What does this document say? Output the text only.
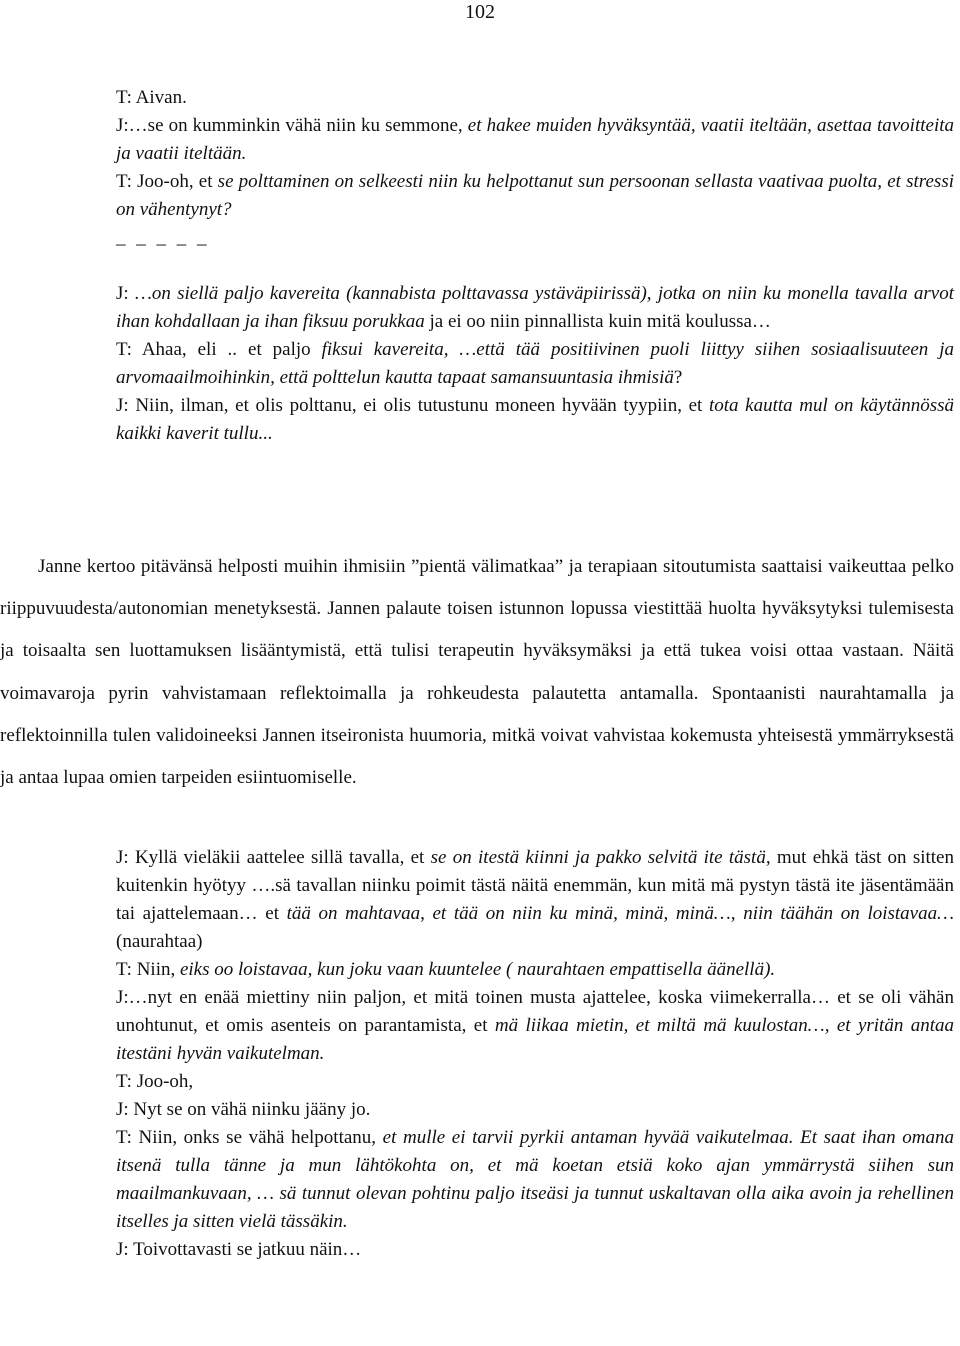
102

T: Aivan.

J:…se on kumminkin vähä niin ku semmone, et hakee muiden hyväksyntää, vaatii iteltään, asettaa tavoitteita ja vaatii iteltään.

T: Joo-oh, et se polttaminen on selkeesti niin ku helpottanut sun persoonan sellasta vaativaa puolta, et stressi on vähentynyt?

_ _ _ _ _

J: …on siellä paljo kavereita (kannabista polttavassa ystäväpiirissä), jotka on niin ku monella tavalla arvot ihan kohdallaan ja ihan fiksuu porukkaa ja ei oo niin pinnallista kuin mitä koulussa…

T: Ahaa, eli .. et paljo fiksui kavereita, …että tää positiivinen puoli liittyy siihen sosiaalisuuteen ja arvomaailmoihinkin, että polttelun kautta tapaat samansuuntasia ihmisiä?

J: Niin, ilman, et olis polttanu, ei olis tutustunu moneen hyvään tyypiin, et tota kautta mul on käytännössä kaikki kaverit tullu...

Janne kertoo pitävänsä helposti muihin ihmisiin ”pientä välimatkaa” ja terapiaan sitoutumista saattaisi vaikeuttaa pelko riippuvuudesta/autonomian menetyksestä. Jannen palaute toisen istunnon lopussa viestittää huolta hyväksytyksi tulemisesta ja toisaalta sen luottamuksen lisääntymistä, että tulisi terapeutin hyväksymäksi ja että tukea voisi ottaa vastaan. Näitä voimavaroja pyrin vahvistamaan reflektoimalla ja rohkeudesta palautetta antamalla. Spontaanisti naurahtamalla ja reflektoinnilla tulen validoineeksi Jannen itseironista huumoria, mitkä voivat vahvistaa kokemusta yhteisestä ymmärryksestä ja antaa lupaa omien tarpeiden esiintuomiselle.

J: Kyllä vieläkii aattelee sillä tavalla, et se on itestä kiinni ja pakko selvitä ite tästä, mut ehkä täst on sitten kuitenkin hyötyy ….sä tavallan niinku poimit tästä näitä enemmän, kun mitä mä pystyn tästä ite jäsentämään tai ajattelemaan… et tää on mahtavaa, et tää on niin ku minä, minä, minä…, niin täähän on loistavaa…(naurahtaa)

T: Niin, eiks oo loistavaa, kun joku vaan kuuntelee ( naurahtaen empattisella äänellä).

J:…nyt en enää miettiny niin paljon, et mitä toinen musta ajattelee, koska viimekerralla… et se oli vähän unohtunut, et omis asenteis on parantamista, et mä liikaa mietin, et miltä mä kuulostan…, et yritän antaa itestäni hyvän vaikutelman.

T: Joo-oh,

J: Nyt se on vähä niinku jääny jo.

T: Niin, onks se vähä helpottanu, et mulle ei tarvii pyrkii antaman hyvää vaikutelmaa. Et saat ihan omana itsenä tulla tänne ja mun lähtökohta on, et mä koetan etsiä koko ajan ymmärrystä siihen sun maailmankuvaan, … sä tunnut olevan pohtinu paljo itseäsi ja tunnut uskaltavan olla aika avoin ja rehellinen itselles ja sitten vielä tässäkin.

J: Toivottavasti se jatkuu näin…
